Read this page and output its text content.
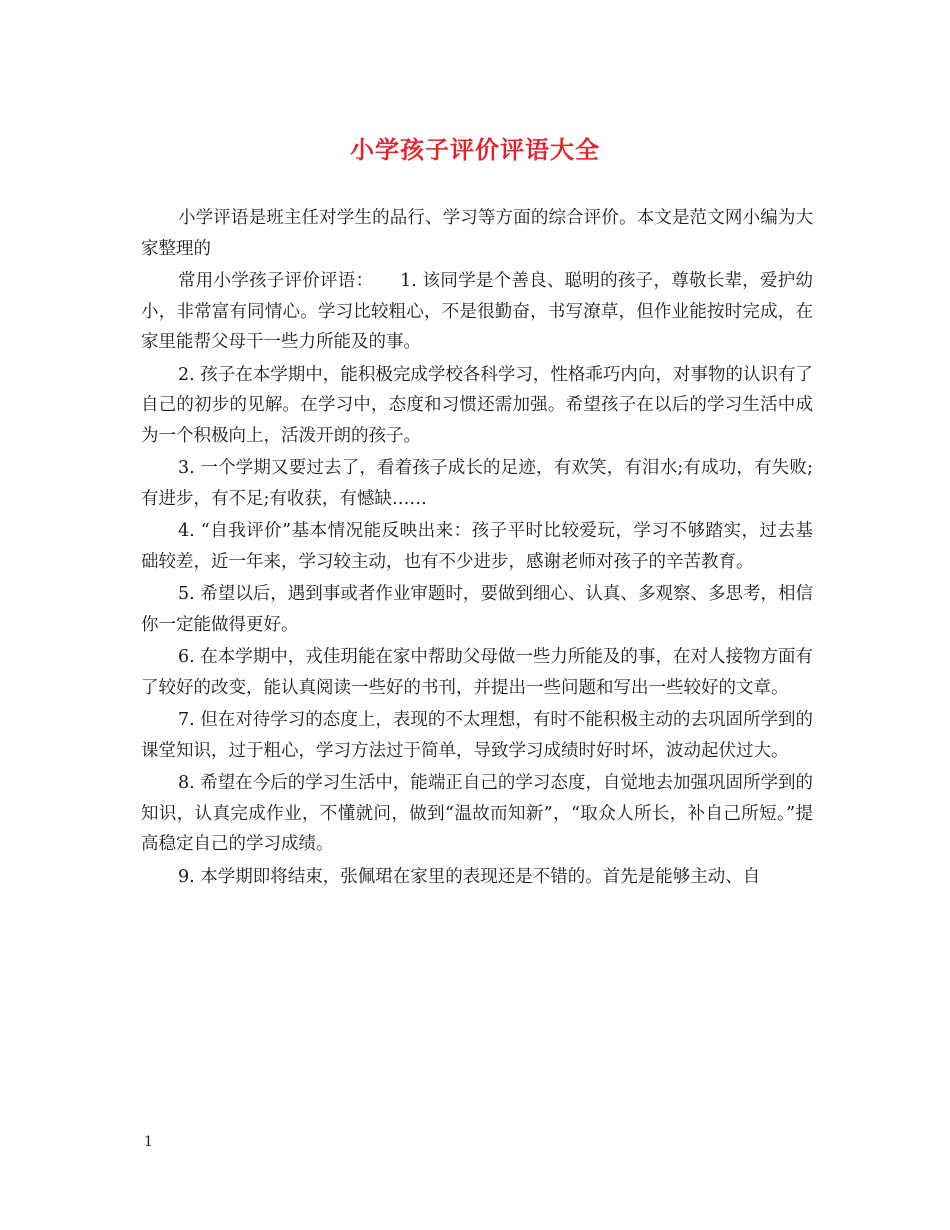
小学孩子评价评语大全

小学评语是班主任对学生的品行、学习等方面的综合评价。本文是范文网小编为大家整理的

常用小学孩子评价评语：　　1. 该同学是个善良、聪明的孩子，尊敬长辈，爱护幼小，非常富有同情心。学习比较粗心，不是很勤奋，书写潦草，但作业能按时完成，在家里能帮父母干一些力所能及的事。

2. 孩子在本学期中，能积极完成学校各科学习，性格乖巧内向，对事物的认识有了自己的初步的见解。在学习中，态度和习惯还需加强。希望孩子在以后的学习生活中成为一个积极向上，活泼开朗的孩子。

3. 一个学期又要过去了，看着孩子成长的足迹，有欢笑，有泪水;有成功，有失败;有进步，有不足;有收获，有憾缺……

4. “自我评价”基本情况能反映出来：孩子平时比较爱玩，学习不够踏实，过去基础较差，近一年来，学习较主动，也有不少进步，感谢老师对孩子的辛苦教育。

5. 希望以后，遇到事或者作业审题时，要做到细心、认真、多观察、多思考，相信你一定能做得更好。

6. 在本学期中，戎佳玥能在家中帮助父母做一些力所能及的事，在对人接物方面有了较好的改变，能认真阅读一些好的书刊，并提出一些问题和写出一些较好的文章。

7. 但在对待学习的态度上，表现的不太理想，有时不能积极主动的去巩固所学到的课堂知识，过于粗心，学习方法过于简单，导致学习成绩时好时坏，波动起伏过大。

8. 希望在今后的学习生活中，能端正自己的学习态度，自觉地去加强巩固所学到的知识，认真完成作业，不懂就问，做到“温故而知新”，“取众人所长，补自己所短。”提高稳定自己的学习成绩。

9. 本学期即将结束，张佩珺在家里的表现还是不错的。首先是能够主动、自

1
